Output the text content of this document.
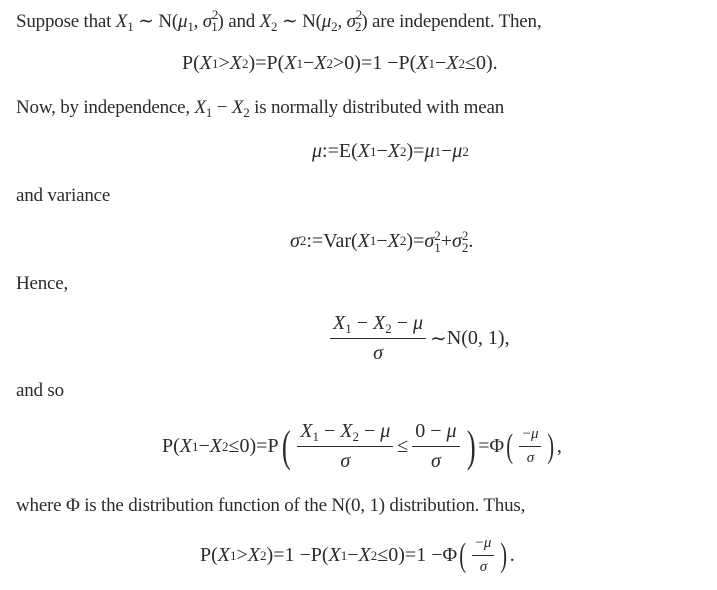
Suppose that $X_1$ ∼ $N(\mu_1$, $\sigma^2_1$) and $X_2$ ∼ $N(\mu_2$, $\sigma^2_2$) are independent. Then,
P ( X 1 > X 2 ) = P ( X 1 − X 2 > 0 ) = 1 − P ( X 1 − X 2 ≤ 0 ) .
Now, by independence, $X_1 - X_2$ is normally distributed with mean
μ := E ( X 1 − X 2 ) = μ 1 − μ 2
and variance
σ 2 := Var ( X 1 − X 2 ) = σ 2
1 + σ 2
2 .
Hence,
$\frac{X_1 - X_2 - \mu}{\sigma}$ ∼ N(0, 1) ,
and so
P ( X 1 − X 2 ≤ 0 ) = P ( $\frac{X_1 - X_2 - \mu}{\sigma} \le \frac{0 - \mu}{\sigma}$ ) = Φ ( $\frac{-\mu}{\sigma}$ ) ,
where Φ is the distribution function of the N(0, 1) distribution. Thus,
P ( X 1 > X 2 ) = 1 − P ( X 1 − X 2 ≤ 0 ) = 1 − Φ ( $\frac{-\mu}{\sigma}$ ) .
